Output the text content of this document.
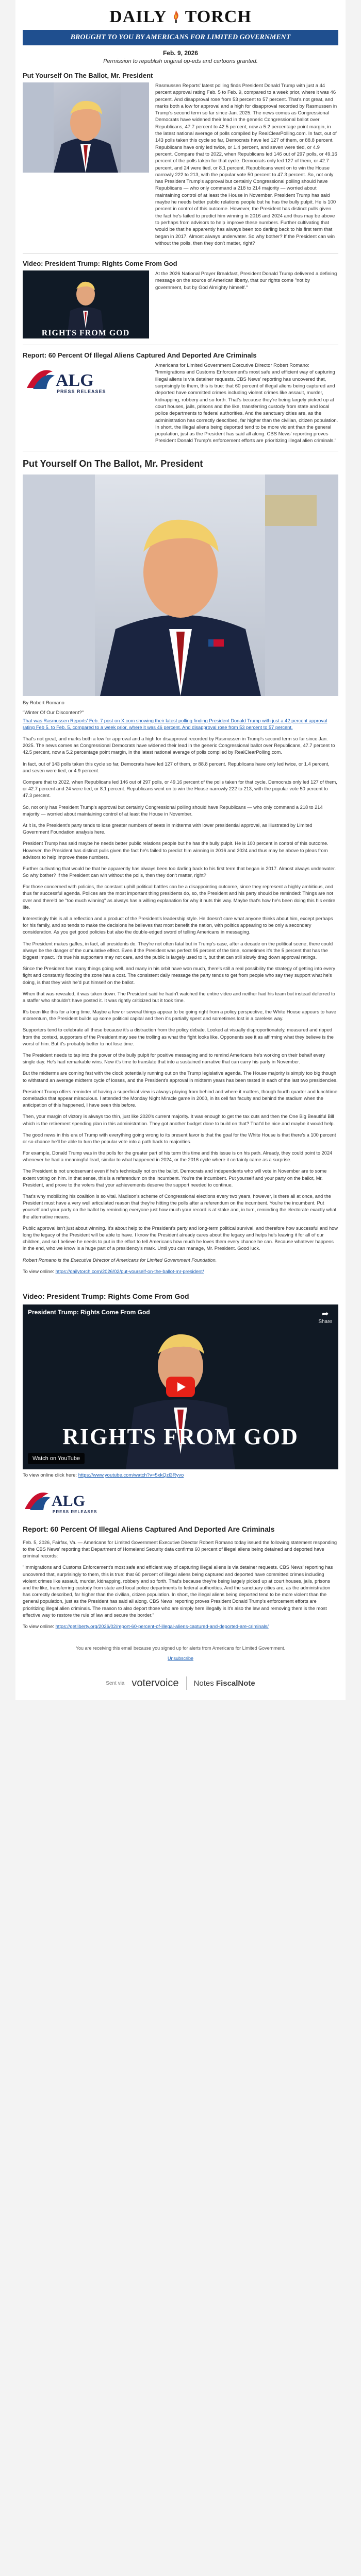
DAILY TORCH
BROUGHT TO YOU BY AMERICANS FOR LIMITED GOVERNMENT
Feb. 9, 2026
Permission to republish original op-eds and cartoons granted.
Put Yourself On The Ballot, Mr. President
Rasmussen Reports' latest polling finds President Donald Trump with just a 44 percent approval rating Feb. 5 to Feb. 9, compared to a week prior, where it was 46 percent. And disapproval rose from 53 percent to 57 percent. That's not great, and marks both a low for approval and a high for disapproval recorded by Rasmussen in Trump's second term so far since Jan. 2025. The news comes as Congressional Democrats have widened their lead in the generic Congressional ballot over Republicans, 47.7 percent to 42.5 percent, now a 5.2 percentage point margin, in the latest national average of polls compiled by RealClearPolling.com. In fact, out of 143 polls taken this cycle so far, Democrats have led 127 of them, or 88.8 percent. Republicans have only led twice, or 1.4 percent, and seven were tied, or 4.9 percent. Compare that to 2022, when Republicans led 146 out of 297 polls, or 49.16 percent of the polls taken for that cycle. Democrats only led 127 of them, or 42.7 percent, and 24 were tied, or 8.1 percent. Republicans went on to win the House narrowly 222 to 213, with the popular vote 50 percent to 47.3 percent. So, not only has President Trump's approval but certainly Congressional polling should have Republicans — who only command a 218 to 214 majority — worried about maintaining control of at least the House in November. President Trump has said maybe he needs better public relations people but he has the bully pulpit. He is 100 percent in control of this outcome. However, the President has distinct pulls given the fact he's failed to predict him winning in 2016 and 2024 and thus may be above to perhaps from advisors to help improve these numbers. Further cultivating that would be that he apparently has always been too darling back to his first term that began in 2017. Almost always underwater. So why bother? If the President can win without the polls, then they don't matter, right?
Video: President Trump: Rights Come From God
RIGHTS FROM GOD
At the 2026 National Prayer Breakfast, President Donald Trump delivered a defining message on the source of American liberty, that our rights come "not by government, but by God Almighty himself."
Report: 60 Percent Of Illegal Aliens Captured And Deported Are Criminals
ALG
PRESS RELEASES
Americans for Limited Government Executive Director Robert Romano: "Immigrations and Customs Enforcement's most safe and efficient way of capturing illegal aliens is via detainer requests. CBS News' reporting has uncovered that, surprisingly to them, this is true: that 60 percent of illegal aliens being captured and deported have committed crimes including violent crimes like assault, murder, kidnapping, robbery and so forth. That's because they're being largely picked up at court houses, jails, prisons and the like, transferring custody from state and local police departments to federal authorities. And the sanctuary cities are, as the administration has correctly described, far higher than the civilian, citizen population. In short, the illegal aliens being deported tend to be more violent than the general population, just as the President has said all along. CBS News' reporting proves President Donald Trump's enforcement efforts are prioritizing illegal alien criminals."
Put Yourself On The Ballot, Mr. President
By Robert Romano
"Winter Of Our Discontent?"

That was Rasmussen Reports' Feb. 7 post on X.com showing their latest polling finding President Donald Trump with just a 42 percent approval rating Feb 5. to Feb. 5, compared to a week prior, where it was 46 percent. And disapproval rose from 53 percent to 57 percent.

That's not great, and marks both a low for approval and a high for disapproval recorded by Rasmussen in Trump's second term so far since Jan. 2025. The news comes as Congressional Democrats have widened their lead in the generic Congressional ballot over Republicans, 47.7 percent to 42.5 percent, now a 5.2 percentage point margin, in the latest national average of polls compiled by RealClearPolling.com.

In fact, out of 143 polls taken this cycle so far, Democrats have led 127 of them, or 88.8 percent. Republicans have only led twice, or 1.4 percent, and seven were tied, or 4.9 percent.

Compare that to 2022, when Republicans led 146 out of 297 polls, or 49.16 percent of the polls taken for that cycle. Democrats only led 127 of them, or 42.7 percent and 24 were tied, or 8.1 percent. Republicans went on to win the House narrowly 222 to 213, with the popular vote 50 percent to 47.3 percent.

So, not only has President Trump's approval but certainly Congressional polling should have Republicans — who only command a 218 to 214 majority — worried about maintaining control of at least the House in November.

At it is, the President's party tends to lose greater numbers of seats in midterms with lower presidential approval, as illustrated by Limited Government Foundation analysis here.

President Trump has said maybe he needs better public relations people but he has the bully pulpit. He is 100 percent in control of this outcome. However, the President has distinct pulls given the fact he's failed to predict him winning in 2016 and 2024 and thus may be above to pleas from advisors to help improve these numbers.

Further cultivating that would be that he apparently has always been too darling back to his first term that began in 2017. Almost always underwater. So why bother? If the President can win without the polls, then they don't matter, right?

For those concerned with policies, the constant uphill political battles can be a disappointing outcome, since they represent a highly ambitious, and thus far successful agenda. Polices are the most important thing presidents do, so, the President and his party should be reminded: Things are not over and there'd be "too much winning" as always has a willing explanation for why it nuts this way. Maybe that's how he's been doing this his entire life.

Interestingly this is all a reflection and a product of the President's leadership style. He doesn't care what anyone thinks about him, except perhaps for his family, and so tends to make the decisions he believes that most benefit the nation, with politics appearing to be only a secondary consideration. As you get good policies but also the double-edged sword of telling Americans in messaging.

The President makes gaffes, in fact, all presidents do. They're not often fatal but in Trump's case, after a decade on the political scene, there could always be the danger of the cumulative effect. Even if the President was perfect 95 percent of the time, sometimes it's the 5 percent that has the biggest impact. It's true his supporters may not care, and the public is largely used to it, but that can still slowly drag down approval ratings.

Since the President has many things going well, and many in his orbit have won much, there's still a real possibility the strategy of getting into every fight and constantly flooding the zone has a cost. The consistent daily message the party tends to get from people who say they support what he's doing, is that they wish he'd put himself on the ballot.

When that was revealed, it was taken down. The President said he hadn't watched the entire video and neither had his team but instead deferred to a staffer who shouldn't have posted it. It was rightly criticized but it took time.

It's been like this for a long time. Maybe a few or several things appear to be going right from a policy perspective, the White House appears to have momentum, the President builds up some political capital and then it's partially spent and sometimes lost in a careless way.

Supporters tend to celebrate all these because it's a distraction from the policy debate. Looked at visually disproportionately, measured and ripped from the context, supporters of the President may see the trolling as what the fight looks like. Opponents see it as affirming what they believe is the worst of him. But it's probably better to not lose time.

The President needs to tap into the power of the bully pulpit for positive messaging and to remind Americans he's working on their behalf every single day. He's had remarkable wins. Now it's time to translate that into a sustained narrative that can carry his party in November.

But the midterms are coming fast with the clock potentially running out on the Trump legislative agenda. The House majority is simply too big though to withstand an average midterm cycle of losses, and the President's approval in midterm years has been tested in each of the last two presidencies.

President Trump offers reminder of having a superficial view is always playing from behind and where it matters, though fourth quarter and lunchtime comebacks that appear miraculous. I attended the Monday Night Miracle game in 2000, in its cell fan faculty and behind the stadium when the anticipation of this happened, I have seen this before.

Then, your margin of victory is always too thin, just like 2020's current majority. It was enough to get the tax cuts and then the One Big Beautiful Bill which is the retirement spending plan in this administration. They got another budget done to build on that? That'd be nice and maybe it would help.

The good news in this era of Trump with everything going wrong to its present favor is that the goal for the White House is that there's a 100 percent or so chance he'll be able to turn the popular vote into a path back to majorities.

For example, Donald Trump was in the polls for the greater part of his term this time and this issue is on his path. Already, they could point to 2024 whenever he had a meaningful lead, similar to what happened in 2024, or the 2016 cycle where it certainly came as a surprise.

The President is not unobservant even if he's technically not on the ballot. Democrats and independents who will vote in November are to some extent voting on him. In that sense, this is a referendum on the incumbent. You're the incumbent. Put yourself and your party on the ballot, Mr. President, and prove to the voters that your achievements deserve the support needed to continue.

That's why mobilizing his coalition is so vital. Madison's scheme of Congressional elections every two years, however, is there all at once, and the President must have a very well articulated reason that they're hitting the polls after a referendum on the incumbent. You're the incumbent. Put yourself and your party on the ballot by reminding everyone just how much your record is at stake and, in turn, reminding the electorate exactly what the alternative means.

Public approval isn't just about winning. It's about help to the President's party and long-term political survival, and therefore how successful and how long the legacy of the President will be able to have. I know the President already cares about the legacy and helps he's leaving it for all of our children, and so I believe he needs to put in the effort to tell Americans how much he loves them every chance he can. Because whatever happens in the end, who we know is a huge part of a presidency's mark. Until you can manage, Mr. President. Good luck.

Robert Romano is the Executive Director of Americans for Limited Government Foundation.

To view online: https://dailytorch.com/2026/02/put-yourself-on-the-ballot-mr-president/

Video: President Trump: Rights Come From God
President Trump: Rights Come From God	➦
Share
RIGHTS FROM GOD
Watch on YouTube
To view online click here: https://www.youtube.com/watch?v=5xkQzl3Ryvo
ALG
PRESS RELEASES
Report: 60 Percent Of Illegal Aliens Captured And Deported Are Criminals

Feb. 5, 2026, Fairfax, Va. — Americans for Limited Government Executive Director Robert Romano today issued the following statement responding to the CBS News' reporting that Department of Homeland Security data confirms 60 percent of illegal aliens being detained and deported have criminal records:

"Immigrations and Customs Enforcement's most safe and efficient way of capturing illegal aliens is via detainer requests. CBS News' reporting has uncovered that, surprisingly to them, this is true: that 60 percent of illegal aliens being captured and deported have committed crimes including violent crimes like assault, murder, kidnapping, robbery and so forth. That's because they're being largely picked up at court houses, jails, prisons and the like, transferring custody from state and local police departments to federal authorities. And the sanctuary cities are, as the administration has correctly described, far higher than the civilian, citizen population. In short, the illegal aliens being deported tend to be more violent than the general population, just as the President has said all along. CBS News' reporting proves President Donald Trump's enforcement efforts are prioritizing illegal alien criminals. The reason to also deport those who are simply here illegally is it's also the law and removing them is the most effective way to restore the rule of law and secure the border."

To view online: https://getliberty.org/2026/02/report-60-percent-of-illegal-aliens-captured-and-deported-are-criminals/

You are receiving this email because you signed up for alerts from Americans for Limited Government.
Unsubscribe
Sent via votervoice Notes FiscalNote
